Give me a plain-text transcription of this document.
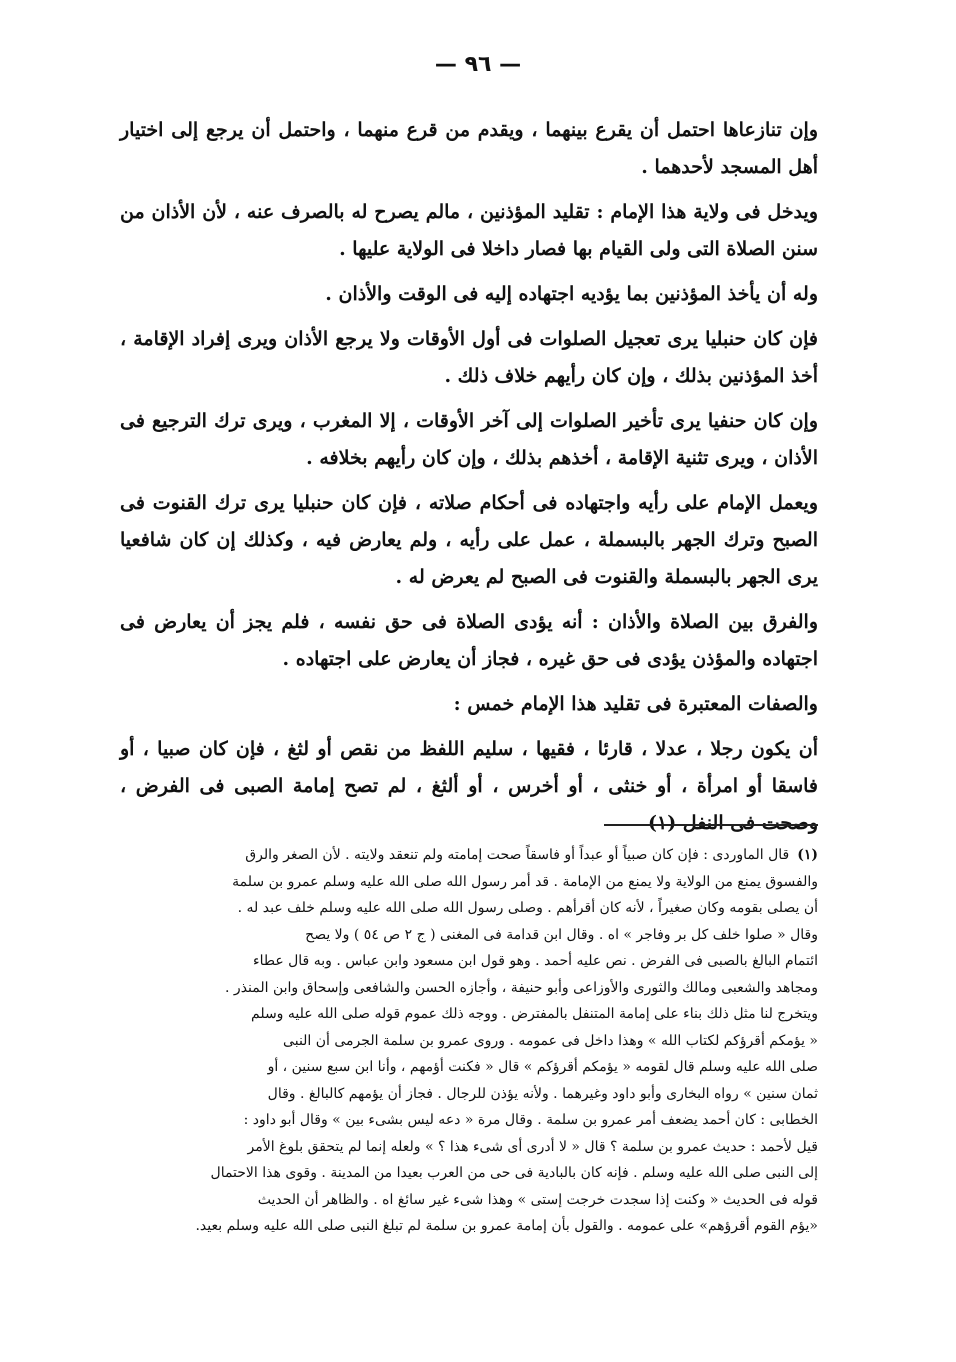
— ٩٦ —

وإن تنازعاها احتمل أن يقرع بينهما ، ويقدم من قرع منهما ، واحتمل أن يرجع إلى اختيار أهل المسجد لأحدهما .

ويدخل فى ولاية هذا الإمام : تقليد المؤذنين ، مالم يصرح له بالصرف عنه ، لأن الأذان من سنن الصلاة التى ولى القيام بها فصار داخلا فى الولاية عليها .

وله أن يأخذ المؤذنين بما يؤديه اجتهاده إليه فى الوقت والأذان .

فإن كان حنبليا يرى تعجيل الصلوات فى أول الأوقات ولا يرجع الأذان ويرى إفراد الإقامة ، أخذ المؤذنين بذلك ، وإن كان رأيهم خلاف ذلك .

وإن كان حنفيا يرى تأخير الصلوات إلى آخر الأوقات ، إلا المغرب ، ويرى ترك الترجيع فى الأذان ، ويرى تثنية الإقامة ، أخذهم بذلك ، وإن كان رأيهم بخلافه .

ويعمل الإمام على رأيه واجتهاده فى أحكام صلاته ، فإن كان حنبليا يرى ترك القنوت فى الصبح وترك الجهر بالبسملة ، عمل على رأيه ، ولم يعارض فيه ، وكذلك إن كان شافعيا يرى الجهر بالبسملة والقنوت فى الصبح لم يعرض له .

والفرق بين الصلاة والأذان : أنه يؤدى الصلاة فى حق نفسه ، فلم يجز أن يعارض فى اجتهاده والمؤذن يؤدى فى حق غيره ، فجاز أن يعارض على اجتهاده .

والصفات المعتبرة فى تقليد هذا الإمام خمس :

أن يكون رجلا ، عدلا ، قارئا ، فقيها ، سليم اللفظ من نقص أو لثغ ، فإن كان صبيا ، أو فاسقا أو امرأة ، أو خنثى ، أو أخرس ، أو ألثغ ، لم تصح إمامة الصبى فى الفرض ، وصحت فى النفل (١)

(١)قال الماوردى : فإن كان صبياً أو عبداً أو فاسقاً صحت إمامته ولم تنعقد ولايته . لأن الصغر والرق

والفسوق يمنع من الولاية ولا يمنع من الإمامة . قد أمر رسول الله صلى الله عليه وسلم عمرو بن سلمة

أن يصلى بقومه وكان صغيراً ، لأنه كان أقرأهم . وصلى رسول الله صلى الله عليه وسلم خلف عبد له .

وقال « صلوا خلف كل بر وفاجر » اه . وقال ابن قدامة فى المغنى ( ج ٢ ص ٥٤ ) ولا يصح

ائتمام البالغ بالصبى فى الفرض . نص عليه أحمد . وهو قول ابن مسعود وابن عباس . وبه قال عطاء

ومجاهد والشعبى ومالك والثورى والأوزاعى وأبو حنيفة ، وأجازه الحسن والشافعى وإسحاق وابن المنذر .

ويتخرج لنا مثل ذلك بناء على إمامة المتنفل بالمفترض . ووجه ذلك عموم قوله صلى الله عليه وسلم

« يؤمكم أقرؤكم لكتاب الله » وهذا داخل فى عمومه . وروى عمرو بن سلمة الجرمى أن النبى

صلى الله عليه وسلم قال لقومه « يؤمكم أقرؤكم » قال « فكنت أؤمهم ، وأنا ابن سبع سنين ، أو

ثمان سنين » رواه البخارى وأبو داود وغيرهما . ولأنه يؤذن للرجال . فجاز أن يؤمهم كالبالغ . وقال

الخطابى : كان أحمد يضعف أمر عمرو بن سلمة . وقال مرة « دعه ليس بشىء بين » وقال أبو داود :

قيل لأحمد : حديث عمرو بن سلمة ؟ قال « لا أدرى أى شىء هذا ؟ » ولعله إنما لم يتحقق بلوغ الأمر

إلى النبى صلى الله عليه وسلم . فإنه كان بالبادية فى حى من العرب بعيدا من المدينة . وقوى هذا الاحتمال

قوله فى الحديث « وكنت إذا سجدت خرجت إستى » وهذا شىء غير سائغ اه . والظاهر أن الحديث

«يؤم القوم أقرؤهم» على عمومه . والقول بأن إمامة عمرو بن سلمة لم تبلغ النبى صلى الله عليه وسلم بعيد.
